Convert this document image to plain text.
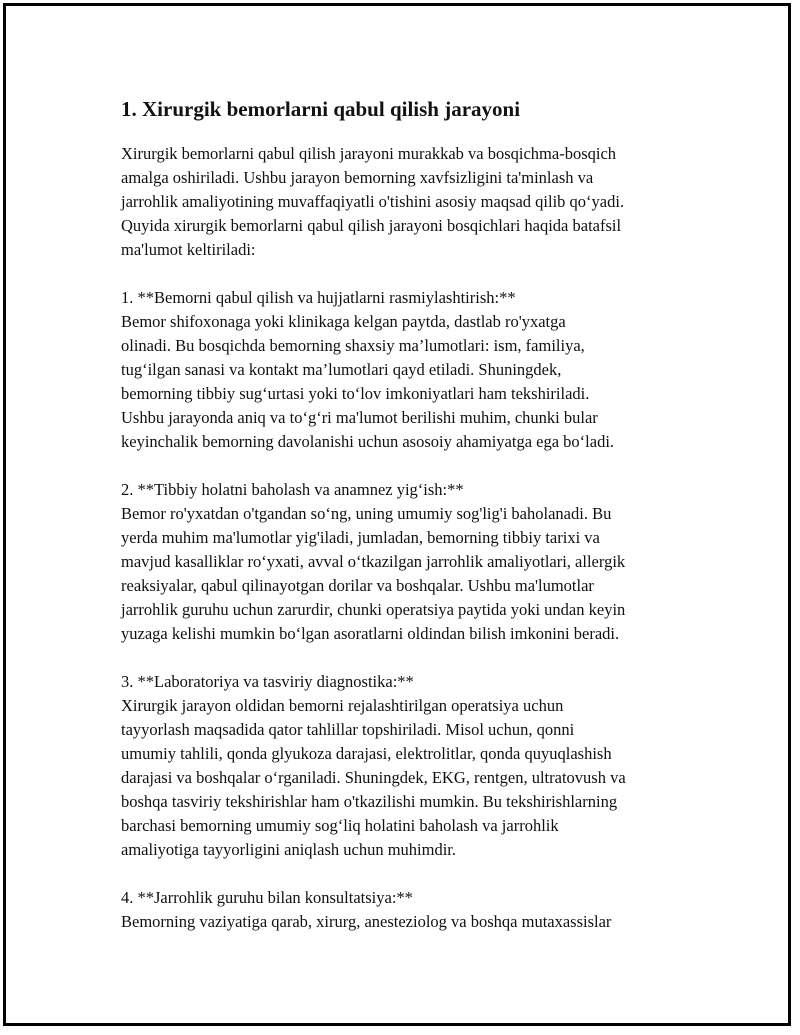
1. Xirurgik bemorlarni qabul qilish jarayoni

Xirurgik bemorlarni qabul qilish jarayoni murakkab va bosqichma-bosqich
amalga oshiriladi. Ushbu jarayon bemorning xavfsizligini ta'minlash va
jarrohlik amaliyotining muvaffaqiyatli o'tishini asosiy maqsad qilib qo‘yadi.
Quyida xirurgik bemorlarni qabul qilish jarayoni bosqichlari haqida batafsil
ma'lumot keltiriladi:

1. **Bemorni qabul qilish va hujjatlarni rasmiylashtirish:**

Bemor shifoxonaga yoki klinikaga kelgan paytda, dastlab ro'yxatga
olinadi. Bu bosqichda bemorning shaxsiy ma’lumotlari: ism, familiya,
tug‘ilgan sanasi va kontakt ma’lumotlari qayd etiladi. Shuningdek,
bemorning tibbiy sug‘urtasi yoki to‘lov imkoniyatlari ham tekshiriladi.
Ushbu jarayonda aniq va to‘g‘ri ma'lumot berilishi muhim, chunki bular
keyinchalik bemorning davolanishi uchun asosoiy ahamiyatga ega bo‘ladi.

2. **Tibbiy holatni baholash va anamnez yig‘ish:**

Bemor ro'yxatdan o'tgandan so‘ng, uning umumiy sog'lig'i baholanadi. Bu
yerda muhim ma'lumotlar yig'iladi, jumladan, bemorning tibbiy tarixi va
mavjud kasalliklar ro‘yxati, avval o‘tkazilgan jarrohlik amaliyotlari, allergik
reaksiyalar, qabul qilinayotgan dorilar va boshqalar. Ushbu ma'lumotlar
jarrohlik guruhu uchun zarurdir, chunki operatsiya paytida yoki undan keyin
yuzaga kelishi mumkin bo‘lgan asoratlarni oldindan bilish imkonini beradi.

3. **Laboratoriya va tasviriy diagnostika:**

Xirurgik jarayon oldidan bemorni rejalashtirilgan operatsiya uchun
tayyorlash maqsadida qator tahlillar topshiriladi. Misol uchun, qonni
umumiy tahlili, qonda glyukoza darajasi, elektrolitlar, qonda quyuqlashish
darajasi va boshqalar o‘rganiladi. Shuningdek, EKG, rentgen, ultratovush va
boshqa tasviriy tekshirishlar ham o'tkazilishi mumkin. Bu tekshirishlarning
barchasi bemorning umumiy sog‘liq holatini baholash va jarrohlik
amaliyotiga tayyorligini aniqlash uchun muhimdir.

4. **Jarrohlik guruhu bilan konsultatsiya:**

Bemorning vaziyatiga qarab, xirurg, anesteziolog va boshqa mutaxassislar
